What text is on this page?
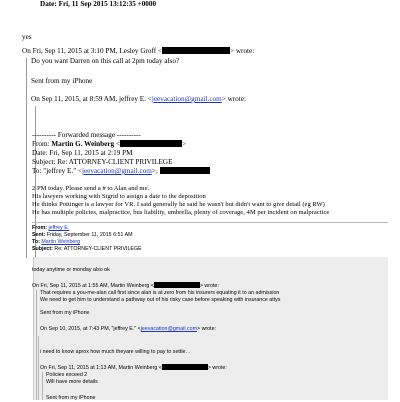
Date: Fri, 11 Sep 2015 13:12:35 +0000
yes
On Fri, Sep 11, 2015 at 3:10 PM, Lesley Groff <	> wrote:
Do you want Darren on this call at 2pm today also?
Sent from my iPhone
On Sep 11, 2015, at 8:59 AM, jeffrey E. <jeevacation@gmail.com> wrote:
---------- Forwarded message ----------
From: Martin G. Weinberg <	>
Date: Fri, Sep 11, 2015 at 2:19 PM
Subject: Re: ATTORNEY-CLIENT PRIVILEGE
To: "jeffrey E." <jeevacation@gmail.com>,
2 PM today. Please send a # to Alan and me.
His lawyers working with Sigrid to assign a date to the deposition
He thinks Pottinger is a lawyer for VR. I said generally he said he wasn't but didn't want to give detail (eg RW)
He has multiple policies, malpractice, bus liability, umbrella, plenty of coverage, 4M per incident on malpractice
From: jeffrey E.
Sent: Friday, September 11, 2015 6:51 AM
To: Martin Weinberg
Subject: Re: ATTORNEY-CLIENT PRIVILEGE
today anytime or monday also ok
On Fri, Sep 11, 2015 at 1:55 AM, Martin Weinberg <	> wrote:
That requires a you-me-alan call first since alan is at zero from his insurers equating it to an admission
We need to get him to understand a pathway out of his risky case before speaking with insurance attys
Sent from my iPhone
On Sep 10, 2015, at 7:43 PM, "jeffrey E." <jeevacation@gmail.com> wrote:
i need to know aprox how much theyare willing to pay to settle. .
On Fri, Sep 11, 2015 at 1:13 AM, Martin Weinberg <	> wrote:
Policies exceed 2
Will have more details
Sent from my iPhone
